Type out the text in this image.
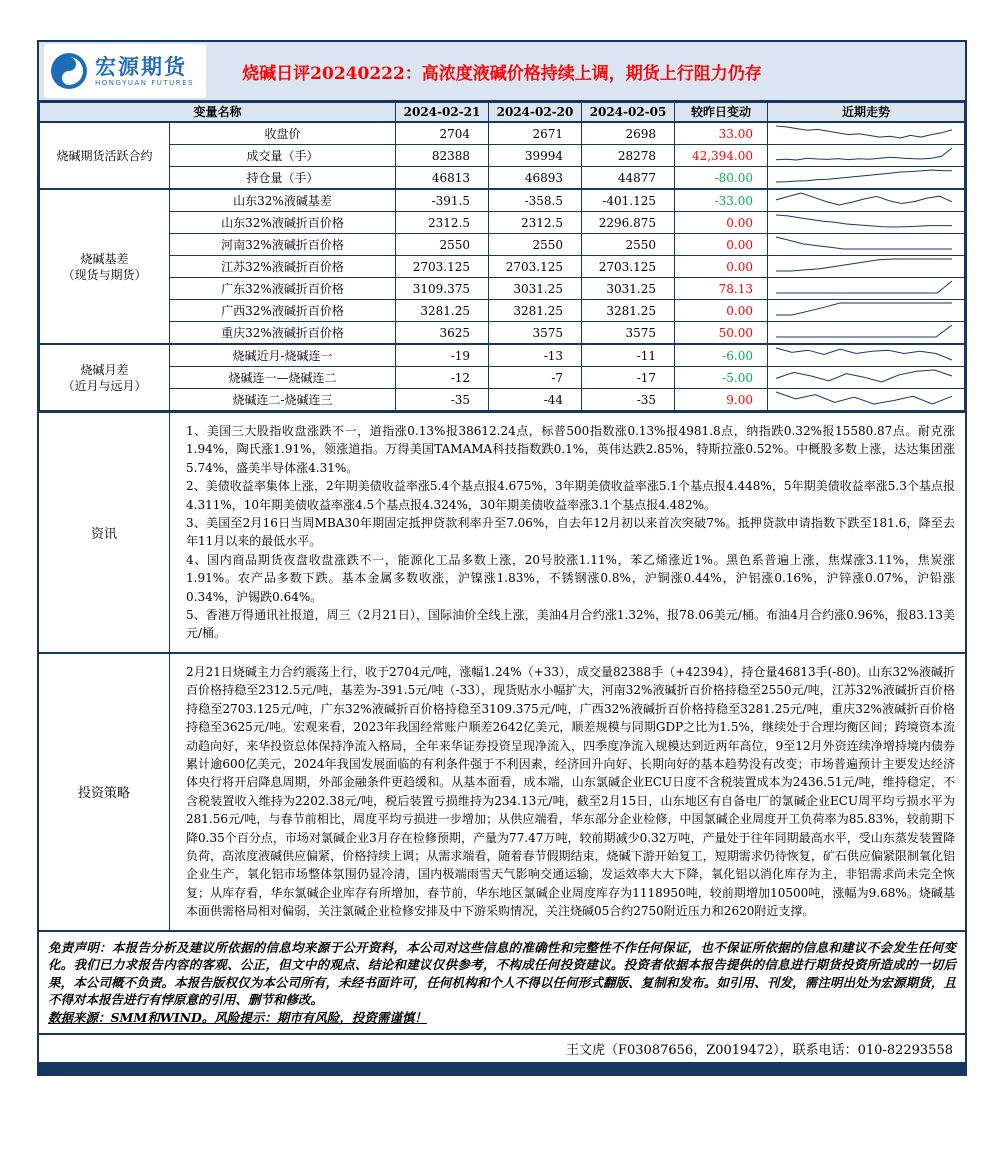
烧碱日评20240222：高浓度液碱价格持续上调，期货上行阻力仍存
宏源期货
HONGYUAN FUTURES
变量名称		2024-02-21	2024-02-20	2024-02-05	较昨日变动	近期走势

烧碱期货活跃合约	收盘价	2704	2671	2698	33.00	
	成交量（手）	82388	39994	28278	42,394.00	
	持仓量（手）	46813	46893	44877	-80.00	

烧碱基差
（现货与期货）	山东32%液碱基差	-391.5	-358.5	-401.125	-33.00	
	山东32%液碱折百价格	2312.5	2312.5	2296.875	0.00	
	河南32%液碱折百价格	2550	2550	2550	0.00	
	江苏32%液碱折百价格	2703.125	2703.125	2703.125	0.00	
	广东32%液碱折百价格	3109.375	3031.25	3031.25	78.13	
	广西32%液碱折百价格	3281.25	3281.25	3281.25	0.00	
	重庆32%液碱折百价格	3625	3575	3575	50.00	

烧碱月差
（近月与远月）	烧碱近月-烧碱连一	-19	-13	-11	-6.00	
	烧碱连一—烧碱连二	-12	-7	-17	-5.00	
	烧碱连二-烧碱连三	-35	-44	-35	9.00	
资讯
1、美国三大股指收盘涨跌不一，道指涨0.13%报38612.24点，标普500指数涨0.13%报4981.8点，纳指跌0.32%报15580.87点。耐克涨1.94%，陶氏涨1.91%，领涨道指。万得美国TAMAMA科技指数跌0.1%，英伟达跌2.85%，特斯拉涨0.52%。中概股多数上涨，达达集团涨5.74%，盛美半导体涨4.31%。
2、美债收益率集体上涨，2年期美债收益率涨5.4个基点报4.675%，3年期美债收益率涨5.1个基点报4.448%，5年期美债收益率涨5.3个基点报4.311%，10年期美债收益率涨4.5个基点报4.324%，30年期美债收益率涨3.1个基点报4.482%。
3、美国至2月16日当周MBA30年期固定抵押贷款利率升至7.06%，自去年12月初以来首次突破7%。抵押贷款申请指数下跌至181.6，降至去年11月以来的最低水平。
4、国内商品期货夜盘收盘涨跌不一，能源化工品多数上涨，20号胶涨1.11%，苯乙烯涨近1%。黑色系普遍上涨，焦煤涨3.11%，焦炭涨1.91%。农产品多数下跌。基本金属多数收涨，沪镍涨1.83%，不锈钢涨0.8%，沪铜涨0.44%，沪铝涨0.16%，沪锌涨0.07%，沪铅涨0.34%，沪锡跌0.64%。
5、香港万得通讯社报道，周三（2月21日），国际油价全线上涨，美油4月合约涨1.32%，报78.06美元/桶。布油4月合约涨0.96%，报83.13美元/桶。
投资策略
2月21日烧碱主力合约震荡上行，收于2704元/吨，涨幅1.24%（+33），成交量82388手（+42394），持仓量46813手(-80)。山东32%液碱折百价格持稳至2312.5元/吨，基差为-391.5元/吨（-33），现货贴水小幅扩大，河南32%液碱折百价格持稳至2550元/吨，江苏32%液碱折百价格持稳至2703.125元/吨，广东32%液碱折百价格持稳至3109.375元/吨，广西32%液碱折百价格持稳至3281.25元/吨，重庆32%液碱折百价格持稳至3625元/吨。宏观来看，2023年我国经常账户顺差2642亿美元，顺差规模与同期GDP之比为1.5%，继续处于合理均衡区间；跨境资本流动趋向好，来华投资总体保持净流入格局，全年来华证券投资呈现净流入，四季度净流入规模达到近两年高位，9至12月外资连续净增持境内债券累计逾600亿美元，2024年我国发展面临的有利条件强于不利因素，经济回升向好、长期向好的基本趋势没有改变；市场普遍预计主要发达经济体央行将开启降息周期，外部金融条件更趋缓和。从基本面看，成本端，山东氯碱企业ECU日度不含税装置成本为2436.51元/吨，维持稳定，不含税装置收入维持为2202.38元/吨，税后装置亏损维持为234.13元/吨，截至2月15日，山东地区有自备电厂的氯碱企业ECU周平均亏损水平为281.56元/吨，与春节前相比，周度平均亏损进一步增加；从供应端看，华东部分企业检修，中国氯碱企业周度开工负荷率为85.83%，较前期下降0.35个百分点，市场对氯碱企业3月存在检修预期，产量为77.47万吨，较前期减少0.32万吨，产量处于往年同期最高水平，受山东蒸发装置降负荷，高浓度液碱供应偏紧，价格持续上调；从需求端看，随着春节假期结束，烧碱下游开始复工，短期需求仍待恢复，矿石供应偏紧限制氧化铝企业生产，氧化铝市场整体氛围仍显冷清，国内极端雨雪天气影响交通运输，发运效率大大下降，氧化铝以消化库存为主，非铝需求尚未完全恢复；从库存看，华东氯碱企业库存有所增加，春节前，华东地区氯碱企业周度库存为1118950吨，较前期增加10500吨，涨幅为9.68%。烧碱基本面供需格局相对偏弱，关注氯碱企业检修安排及中下游采购情况，关注烧碱05合约2750附近压力和2620附近支撑。
免责声明：本报告分析及建议所依据的信息均来源于公开资料，本公司对这些信息的准确性和完整性不作任何保证，也不保证所依据的信息和建议不会发生任何变化。我们已力求报告内容的客观、公正，但文中的观点、结论和建议仅供参考，不构成任何投资建议。投资者依据本报告提供的信息进行期货投资所造成的一切后果，本公司概不负责。本报告版权仅为本公司所有，未经书面许可，任何机构和个人不得以任何形式翻版、复制和发布。如引用、刊发，需注明出处为宏源期货，且不得对本报告进行有悖原意的引用、删节和修改。
数据来源：SMM和WIND。风险提示：期市有风险，投资需谨慎！
王文虎（F03087656，Z0019472），联系电话：010-82293558
